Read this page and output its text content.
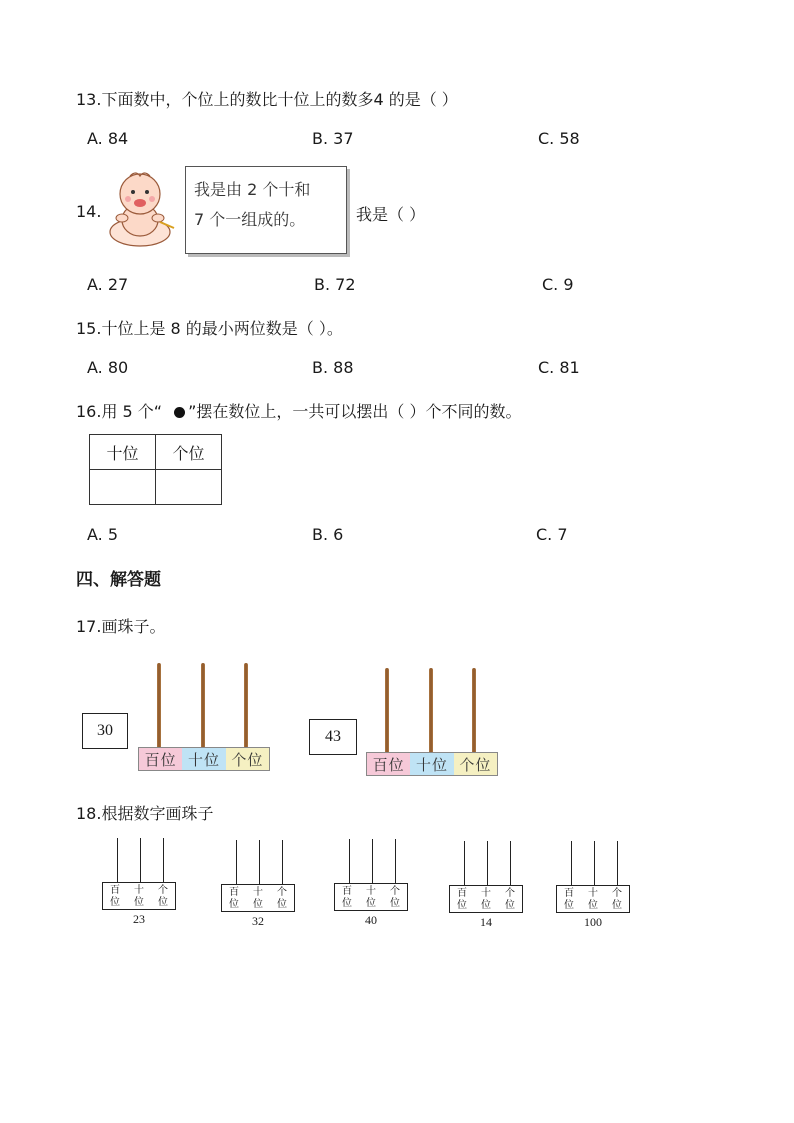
13.下面数中，个位上的数比十位上的数多4 的是（ ）
A. 84	B. 37	C. 58
14.
我是由 2 个十和
7 个一组成的。	我是（ ）
A. 27	B. 72	C. 9
15.十位上是 8 的最小两位数是（ ）。
A. 80	B. 88	C. 81
16.用 5 个“ ”摆在数位上，一共可以摆出（ ）个不同的数。
十位	个位

A. 5	B. 6	C. 7
四、解答题
17.画珠子。
30
百位 十位 个位
43
百位 十位 个位
18.根据数字画珠子
百
位
十
位
个
位
23
百
位
十
位
个
位
32
百
位
十
位
个
位
40
百
位
十
位
个
位
14
百
位
十
位
个
位
100
